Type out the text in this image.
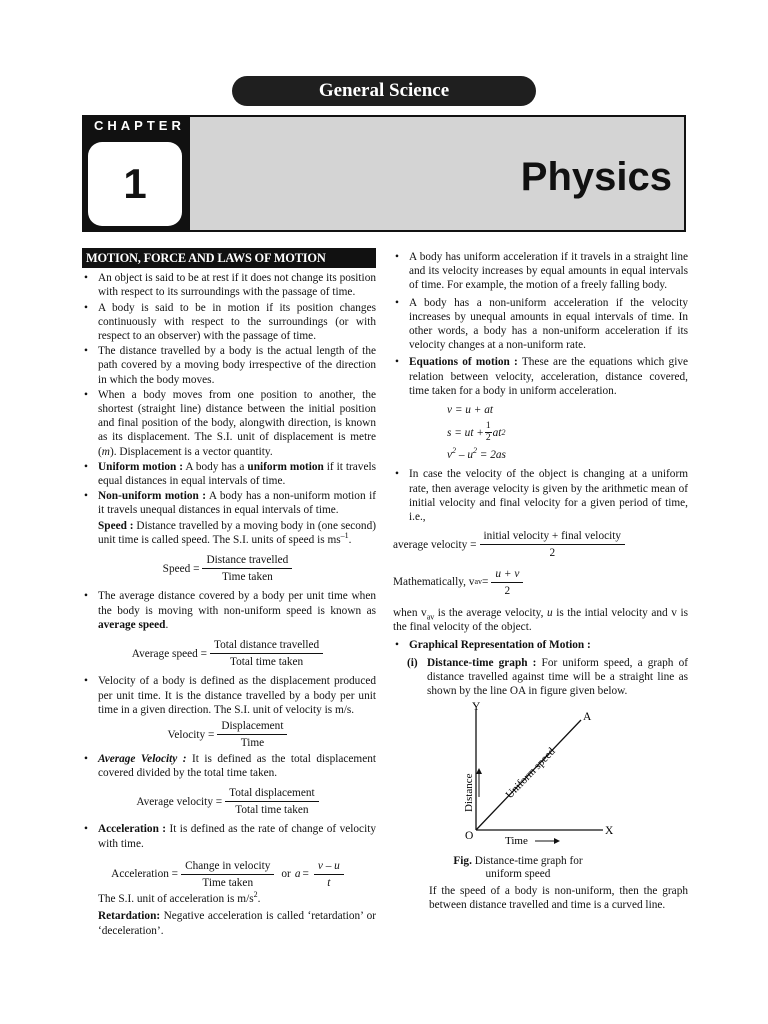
General Science
CHAPTER
1	Physics
MOTION, FORCE AND LAWS OF MOTION
• An object is said to be at rest if it does not change its position with respect to its surroundings with the passage of time.
• A body is said to be in motion if its position changes continuously with respect to the surroundings (or with respect to an observer) with the passage of time.
• The distance travelled by a body is the actual length of the path covered by a moving body irrespective of the direction in which the body moves.
• When a body moves from one position to another, the shortest (straight line) distance between the initial position and final position of the body, alongwith direction, is known as its displacement. The S.I. unit of displacement is metre (m). Displacement is a vector quantity.
• Uniform motion : A body has a uniform motion if it travels equal distances in equal intervals of time.
• Non-uniform motion : A body has a non-uniform motion if it travels unequal distances in equal intervals of time.
Speed : Distance travelled by a moving body in (one second) unit time is called speed. The S.I. units of speed is $ms^{-1}$.
Speed = $\frac{\text{Distance travelled}}{\text{Time taken}}$
• The average distance covered by a body per unit time when the body is moving with non-uniform speed is known as average speed.
Average speed = $\frac{\text{Total distance travelled}}{\text{Total time taken}}$
• Velocity of a body is defined as the displacement produced per unit time. It is the distance travelled by a body per unit time in a given direction. The S.I. unit of velocity is m/s.
Velocity = $\frac{\text{Displacement}}{\text{Time}}$
• Average Velocity : It is defined as the total displacement covered divided by the total time taken.
Average velocity = $\frac{\text{Total displacement}}{\text{Total time taken}}$
• Acceleration : It is defined as the rate of change of velocity with time.
Acceleration = $\frac{\text{Change in velocity}}{\text{Time taken}}$ or $a = \frac{v - u}{t}$
The S.I. unit of acceleration is $m/s^2$.
Retardation: Negative acceleration is called ‘retardation’ or ‘deceleration’.
• A body has uniform acceleration if it travels in a straight line and its velocity increases by equal amounts in equal intervals of time. For example, the motion of a freely falling body.
• A body has a non-uniform acceleration if the velocity increases by unequal amounts in equal intervals of time. In other words, a body has a non-uniform acceleration if its velocity changes at a non-uniform rate.
• Equations of motion : These are the equations which give relation between velocity, acceleration, distance covered, time taken for a body in uniform acceleration.
v = u + at
s = ut + $\frac{1}{2}$ at 2
$v^2 - u^2 = 2as$
• In case the velocity of the object is changing at a uniform rate, then average velocity is given by the arithmetic mean of initial velocity and final velocity for a given period of time, i.e.,
average velocity = $\frac{\text{initial velocity + final velocity}}{2}$
Mathematically, v av = $\frac{u + v}{2}$
when $v_{av}$ is the average velocity, u is the intial velocity and v is the final velocity of the object.
• Graphical Representation of Motion :
(i) Distance-time graph : For uniform speed, a graph of distance travelled against time will be a straight line as shown by the line OA in figure given below.
Y
X
O
A
Time
Distance	Uniform speed
Fig. Distance-time graph for
uniform speed
If the speed of a body is non-uniform, then the graph between distance travelled and time is a curved line.
